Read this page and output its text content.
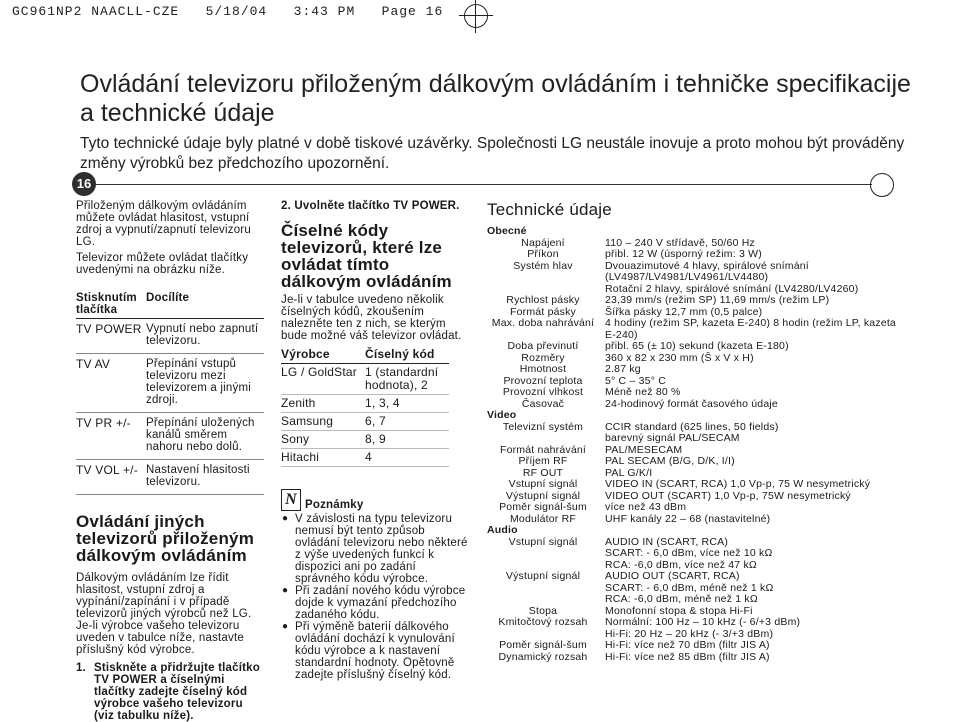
GC961NP2 NAACLL-CZE   5/18/04   3:43 PM   Page 16
Ovládání televizoru přiloženým dálkovým ovládáním i tehničke specifikacije a technické údaje
Tyto technické údaje byly platné v době tiskové uzávěrky. Společnosti LG neustále inovuje a proto mohou být prováděny změny výrobků bez předchozího upozornění.
16

Přiloženým dálkovým ovládáním můžete ovládat hlasitost, vstupní zdroj a vypnutí/zapnutí televizoru LG.

Televizor můžete ovládat tlačítky uvedenými na obrázku níže.

Stisknutím tlačítka	Docílíte
TV POWER	Vypnutí nebo zapnutí televizoru.
TV AV	Přepínání vstupů televizoru mezi televizorem a jinými zdroji.
TV PR +/-	Přepínání uložených kanálů směrem nahoru nebo dolů.
TV VOL +/-	Nastavení hlasitosti televizoru.
Ovládání jiných televizorů přiloženým dálkovým ovládáním

Dálkovým ovládáním lze řídit hlasitost, vstupní zdroj a vypínání/zapínání i v případě televizorů jiných výrobců než LG. Je-li výrobce vašeho televizoru uveden v tabulce níže, nastavte příslušný kód výrobce.

1. Stiskněte a přidržujte tlačítko TV POWER a číselnými tlačítky zadejte číselný kód výrobce vašeho televizoru (viz tabulku níže).

2. Uvolněte tlačítko TV POWER.

Číselné kódy televizorů, které lze ovládat tímto dálkovým ovládáním

Je-li v tabulce uvedeno několik číselných kódů, zkoušením nalezněte ten z nich, se kterým bude možné váš televizor ovládat.

Výrobce	Číselný kód
LG / GoldStar	1 (standardní hodnota), 2
Zenith	1, 3, 4
Samsung	6, 7
Sony	8, 9
Hitachi	4
N Poznámky
● V závislosti na typu televizoru nemusí být tento způsob ovládání televizoru nebo některé z výše uvedených funkcí k dispozici ani po zadání správného kódu výrobce.
● Při zadání nového kódu výrobce dojde k vymazání předchozího zadaného kódu.
● Při výměně baterií dálkového ovládání dochází k vynulování kódu výrobce a k nastavení standardní hodnoty. Opětovně zadejte příslušný číselný kód.
Technické údaje
Obecné	
Napájení	110 – 240 V střídavě, 50/60 Hz
Příkon	přibl. 12 W (úsporný režim: 3 W)
Systém hlav	Dvouazimutové 4 hlavy, spirálové snímání
	(LV4987/LV4981/LV4961/LV4480)
	Rotační 2 hlavy, spirálové snímání (LV4280/LV4260)
Rychlost pásky	23,39 mm/s (režim SP) 11,69 mm/s (režim LP)
Formát pásky	Šířka pásky 12,7 mm (0,5 palce)
Max. doba nahrávání	4 hodiny (režim SP, kazeta E-240) 8 hodin (režim LP, kazeta E-240)
Doba převinutí	přibl. 65 (± 10) sekund (kazeta E-180)
Rozměry	360 x 82 x 230 mm (Š x V x H)
Hmotnost	2.87 kg
Provozní teplota	5° C – 35° C
Provozní vlhkost	Méně než 80 %
Časovač	24-hodinový formát časového údaje
Video	
Televizní systém	CCIR standard (625 lines, 50 fields)
	barevný signál PAL/SECAM
Formát nahrávání	PAL/MESECAM
Příjem RF	PAL SECAM (B/G, D/K, I/I)
RF OUT	PAL G/K/I
Vstupní signál	VIDEO IN (SCART, RCA) 1,0 Vp-p, 75 W nesymetrický
Výstupní signál	VIDEO OUT (SCART) 1,0 Vp-p, 75W nesymetrický
Poměr signál-šum	více než 43 dBm
Modulátor RF	UHF kanály 22 – 68 (nastavitelné)
Audio	
Vstupní signál	AUDIO IN (SCART, RCA)
	SCART: - 6,0 dBm, více než 10 kΩ
	RCA: -6,0 dBm, více než 47 kΩ
Výstupní signál	AUDIO OUT (SCART, RCA)
	SCART: - 6,0 dBm, méně než 1 kΩ
	RCA: -6,0 dBm, méně než 1 kΩ
Stopa	Monofonní stopa & stopa Hi-Fi
Kmitočtový rozsah	Normální: 100 Hz – 10 kHz (- 6/+3 dBm)
	Hi-Fi: 20 Hz – 20 kHz (- 3/+3 dBm)
Poměr signál-šum	Hi-Fi: více než 70 dBm (filtr JIS A)
Dynamický rozsah	Hi-Fi: více než 85 dBm (filtr JIS A)
